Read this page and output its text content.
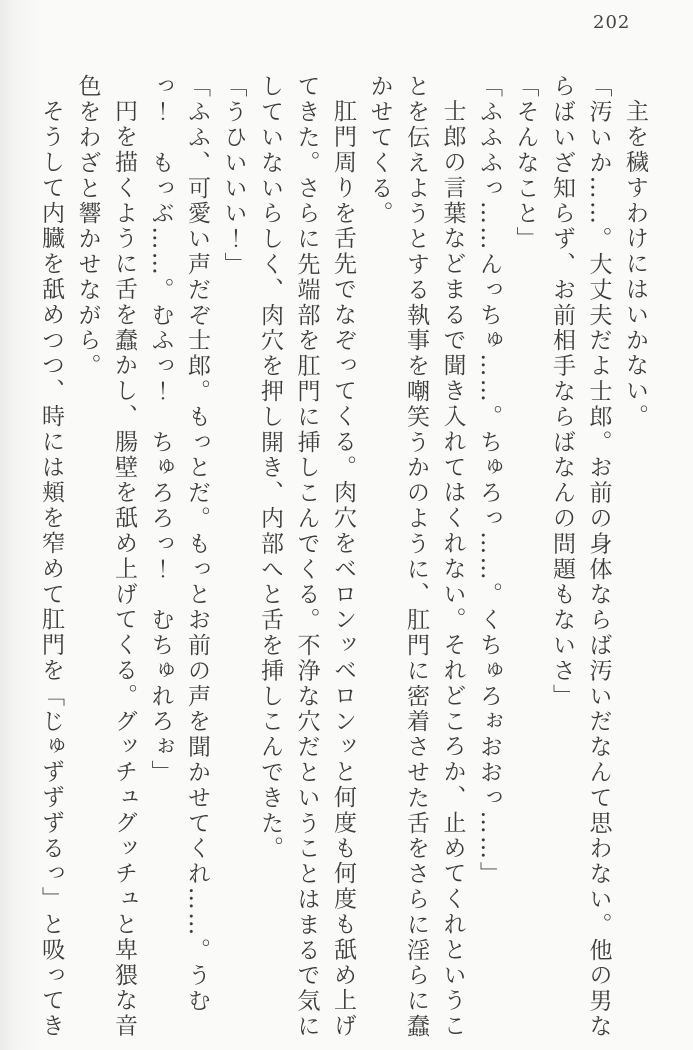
202

主を穢すわけにはいかない。

「汚いか……。大丈夫だよ士郎。お前の身体ならば汚いだなんて思わない。他の男な

らばいざ知らず、お前相手ならばなんの問題もないさ」

「そんなこと」

「ふふふっ……んっちゅ……。ちゅろっ……。くちゅろぉおおっ……」

士郎の言葉などまるで聞き入れてはくれない。それどころか、止めてくれというこ

とを伝えようとする執事を嘲笑うかのように、肛門に密着させた舌をさらに淫らに蠢

かせてくる。

肛門周りを舌先でなぞってくる。肉穴をベロンッベロンッと何度も何度も舐め上げ

てきた。さらに先端部を肛門に挿しこんでくる。不浄な穴だということはまるで気に

していないらしく、肉穴を押し開き、内部へと舌を挿しこんできた。

「うひいいい！」

「ふふ、可愛い声だぞ士郎。もっとだ。もっとお前の声を聞かせてくれ……。うむ

っ！　もっぶ……。むふっ！　ちゅろろっ！　むちゅれろぉ」

円を描くように舌を蠢かし、腸壁を舐め上げてくる。グッチュグッチュと卑猥な音

色をわざと響かせながら。

そうして内臓を舐めつつ、時には頬を窄めて肛門を「じゅずずずるっ」と吸ってき
